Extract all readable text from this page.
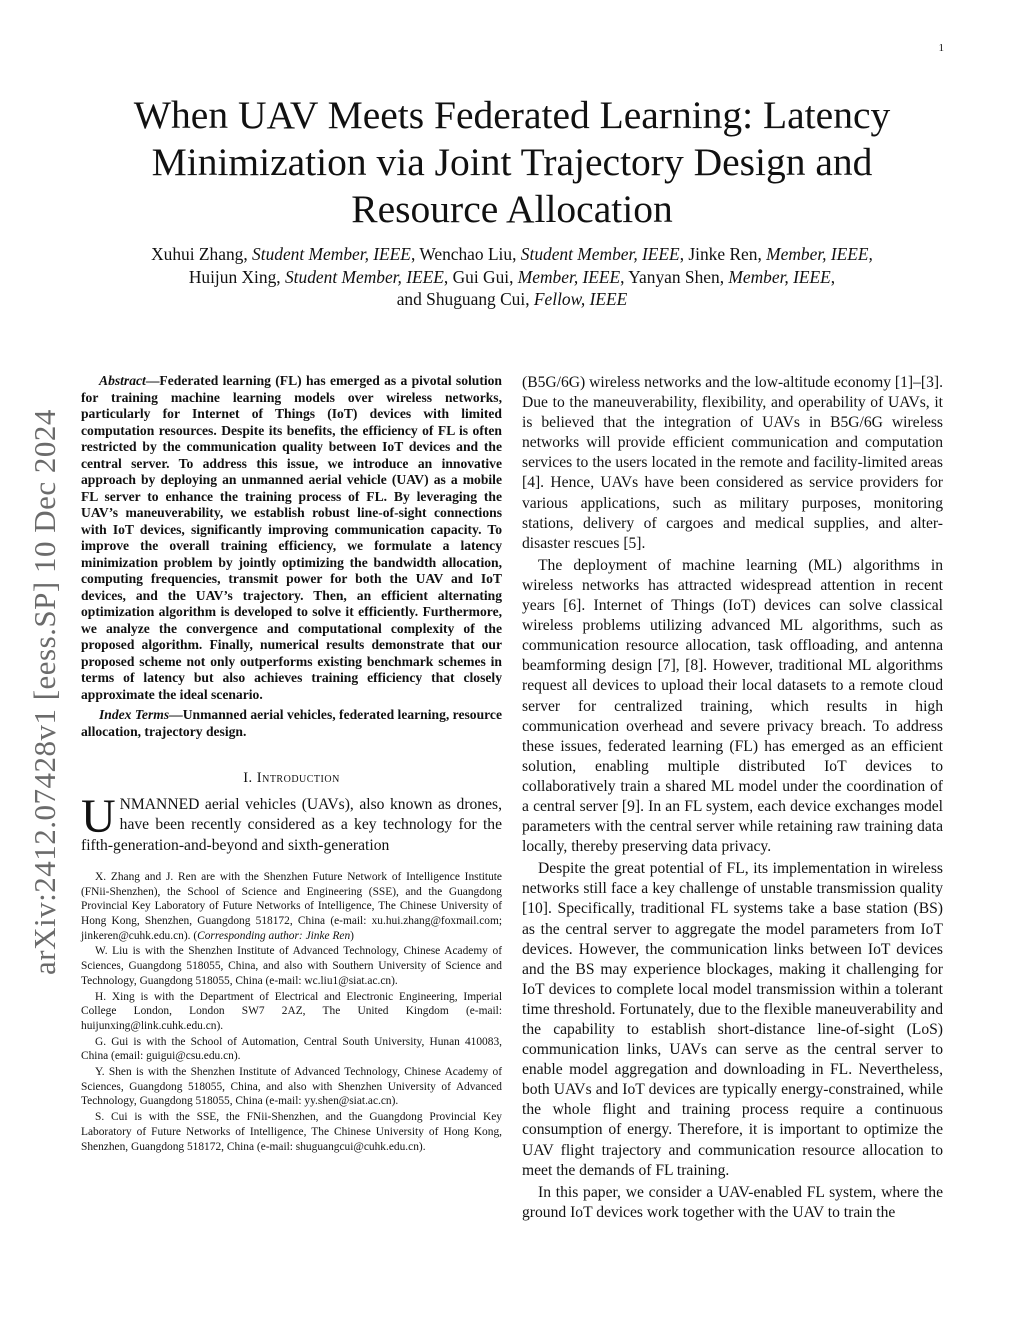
1
arXiv:2412.07428v1 [eess.SP] 10 Dec 2024
When UAV Meets Federated Learning: Latency Minimization via Joint Trajectory Design and Resource Allocation
Xuhui Zhang, Student Member, IEEE, Wenchao Liu, Student Member, IEEE, Jinke Ren, Member, IEEE,
Huijun Xing, Student Member, IEEE, Gui Gui, Member, IEEE, Yanyan Shen, Member, IEEE,
and Shuguang Cui, Fellow, IEEE

Abstract—Federated learning (FL) has emerged as a pivotal solution for training machine learning models over wireless networks, particularly for Internet of Things (IoT) devices with limited computation resources. Despite its benefits, the efficiency of FL is often restricted by the communication quality between IoT devices and the central server. To address this issue, we introduce an innovative approach by deploying an unmanned aerial vehicle (UAV) as a mobile FL server to enhance the training process of FL. By leveraging the UAV’s maneuverability, we establish robust line-of-sight connections with IoT devices, significantly improving communication capacity. To improve the overall training efficiency, we formulate a latency minimization problem by jointly optimizing the bandwidth allocation, computing frequencies, transmit power for both the UAV and IoT devices, and the UAV’s trajectory. Then, an efficient alternating optimization algorithm is developed to solve it efficiently. Furthermore, we analyze the convergence and computational complexity of the proposed algorithm. Finally, numerical results demonstrate that our proposed scheme not only outperforms existing benchmark schemes in terms of latency but also achieves training efficiency that closely approximate the ideal scenario.

Index Terms—Unmanned aerial vehicles, federated learning, resource allocation, trajectory design.

I. Introduction

UNMANNED aerial vehicles (UAVs), also known as drones, have been recently considered as a key technology for the fifth-generation-and-beyond and sixth-generation

X. Zhang and J. Ren are with the Shenzhen Future Network of Intelligence Institute (FNii-Shenzhen), the School of Science and Engineering (SSE), and the Guangdong Provincial Key Laboratory of Future Networks of Intelligence, The Chinese University of Hong Kong, Shenzhen, Guangdong 518172, China (e-mail: xu.hui.zhang@foxmail.com; jinkeren@cuhk.edu.cn). (Corresponding author: Jinke Ren)

W. Liu is with the Shenzhen Institute of Advanced Technology, Chinese Academy of Sciences, Guangdong 518055, China, and also with Southern University of Science and Technology, Guangdong 518055, China (e-mail: wc.liu1@siat.ac.cn).

H. Xing is with the Department of Electrical and Electronic Engineering, Imperial College London, London SW7 2AZ, The United Kingdom (e-mail: huijunxing@link.cuhk.edu.cn).

G. Gui is with the School of Automation, Central South University, Hunan 410083, China (email: guigui@csu.edu.cn).

Y. Shen is with the Shenzhen Institute of Advanced Technology, Chinese Academy of Sciences, Guangdong 518055, China, and also with Shenzhen University of Advanced Technology, Guangdong 518055, China (e-mail: yy.shen@siat.ac.cn).

S. Cui is with the SSE, the FNii-Shenzhen, and the Guangdong Provincial Key Laboratory of Future Networks of Intelligence, The Chinese University of Hong Kong, Shenzhen, Guangdong 518172, China (e-mail: shuguangcui@cuhk.edu.cn).

(B5G/6G) wireless networks and the low-altitude economy [1]–[3]. Due to the maneuverability, flexibility, and operability of UAVs, it is believed that the integration of UAVs in B5G/6G wireless networks will provide efficient communication and computation services to the users located in the remote and facility-limited areas [4]. Hence, UAVs have been considered as service providers for various applications, such as military purposes, monitoring stations, delivery of cargoes and medical supplies, and alter-disaster rescues [5].

The deployment of machine learning (ML) algorithms in wireless networks has attracted widespread attention in recent years [6]. Internet of Things (IoT) devices can solve classical wireless problems utilizing advanced ML algorithms, such as communication resource allocation, task offloading, and antenna beamforming design [7], [8]. However, traditional ML algorithms request all devices to upload their local datasets to a remote cloud server for centralized training, which results in high communication overhead and severe privacy breach. To address these issues, federated learning (FL) has emerged as an efficient solution, enabling multiple distributed IoT devices to collaboratively train a shared ML model under the coordination of a central server [9]. In an FL system, each device exchanges model parameters with the central server while retaining raw training data locally, thereby preserving data privacy.

Despite the great potential of FL, its implementation in wireless networks still face a key challenge of unstable transmission quality [10]. Specifically, traditional FL systems take a base station (BS) as the central server to aggregate the model parameters from IoT devices. However, the communication links between IoT devices and the BS may experience blockages, making it challenging for IoT devices to complete local model transmission within a tolerant time threshold. Fortunately, due to the flexible maneuverability and the capability to establish short-distance line-of-sight (LoS) communication links, UAVs can serve as the central server to enable model aggregation and downloading in FL. Nevertheless, both UAVs and IoT devices are typically energy-constrained, while the whole flight and training process require a continuous consumption of energy. Therefore, it is important to optimize the UAV flight trajectory and communication resource allocation to meet the demands of FL training.

In this paper, we consider a UAV-enabled FL system, where the ground IoT devices work together with the UAV to train the
